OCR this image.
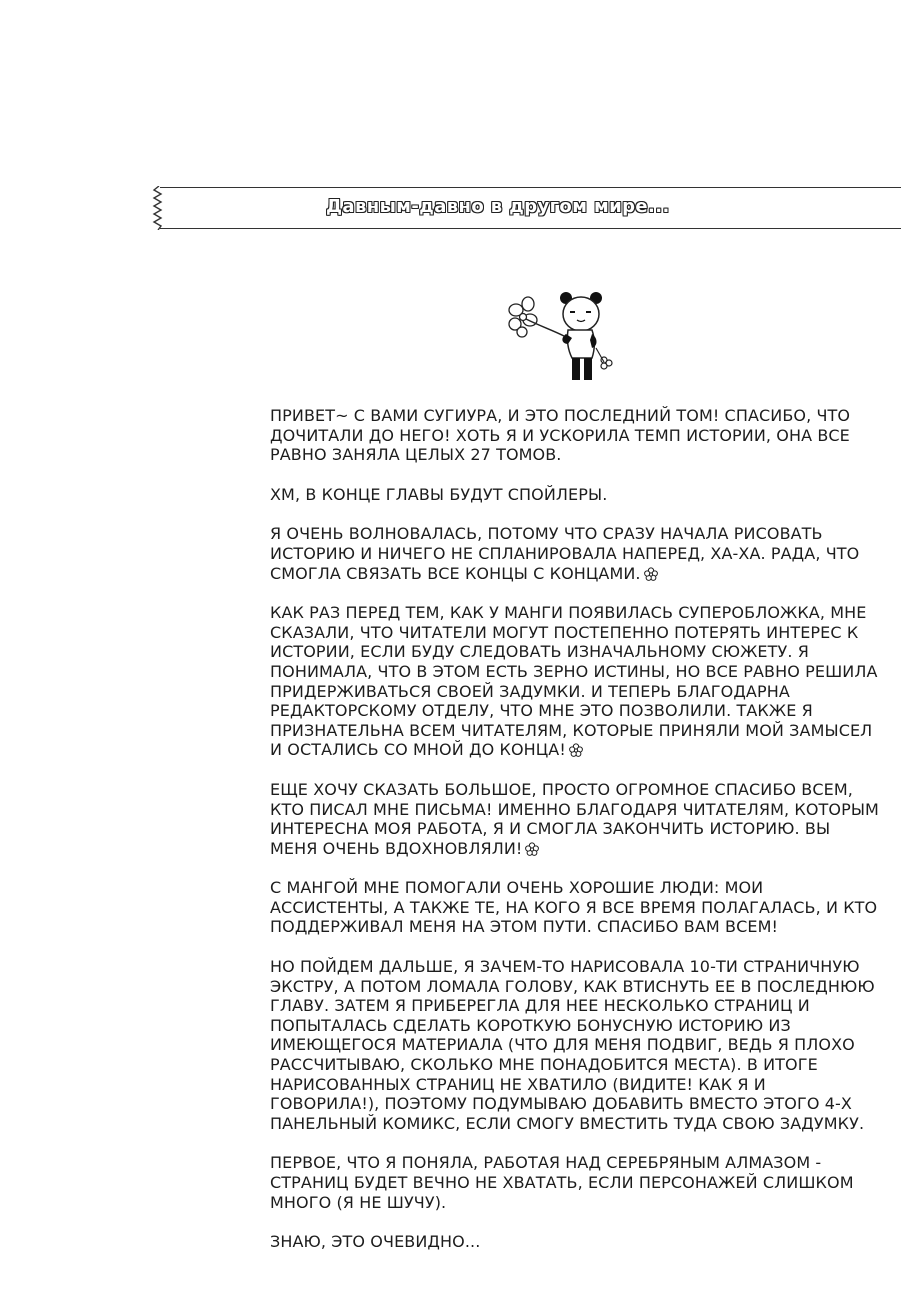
Давным-давно в другом мире...

ПРИВЕТ~ С ВАМИ СУГИУРА, И ЭТО ПОСЛЕДНИЙ ТОМ! СПАСИБО, ЧТО ДОЧИТАЛИ ДО НЕГО! ХОТЬ Я И УСКОРИЛА ТЕМП ИСТОРИИ, ОНА ВСЕ РАВНО ЗАНЯЛА ЦЕЛЫХ 27 ТОМОВ.

ХМ, В КОНЦЕ ГЛАВЫ БУДУТ СПОЙЛЕРЫ.

Я ОЧЕНЬ ВОЛНОВАЛАСЬ, ПОТОМУ ЧТО СРАЗУ НАЧАЛА РИСОВАТЬ ИСТОРИЮ И НИЧЕГО НЕ СПЛАНИРОВАЛА НАПЕРЕД, ХА-ХА. РАДА, ЧТО СМОГЛА СВЯЗАТЬ ВСЕ КОНЦЫ С КОНЦАМИ.

КАК РАЗ ПЕРЕД ТЕМ, КАК У МАНГИ ПОЯВИЛАСЬ СУПЕРОБЛОЖКА, МНЕ СКАЗАЛИ, ЧТО ЧИТАТЕЛИ МОГУТ ПОСТЕПЕННО ПОТЕРЯТЬ ИНТЕРЕС К ИСТОРИИ, ЕСЛИ БУДУ СЛЕДОВАТЬ ИЗНАЧАЛЬНОМУ СЮЖЕТУ. Я ПОНИМАЛА, ЧТО В ЭТОМ ЕСТЬ ЗЕРНО ИСТИНЫ, НО ВСЕ РАВНО РЕШИЛА ПРИДЕРЖИВАТЬСЯ СВОЕЙ ЗАДУМКИ. И ТЕПЕРЬ БЛАГОДАРНА РЕДАКТОРСКОМУ ОТДЕЛУ, ЧТО МНЕ ЭТО ПОЗВОЛИЛИ. ТАКЖЕ Я ПРИЗНАТЕЛЬНА ВСЕМ ЧИТАТЕЛЯМ, КОТОРЫЕ ПРИНЯЛИ МОЙ ЗАМЫСЕЛ И ОСТАЛИСЬ СО МНОЙ ДО КОНЦА!

ЕЩЕ ХОЧУ СКАЗАТЬ БОЛЬШОЕ, ПРОСТО ОГРОМНОЕ СПАСИБО ВСЕМ, КТО ПИСАЛ МНЕ ПИСЬМА! ИМЕННО БЛАГОДАРЯ ЧИТАТЕЛЯМ, КОТОРЫМ ИНТЕРЕСНА МОЯ РАБОТА, Я И СМОГЛА ЗАКОНЧИТЬ ИСТОРИЮ. ВЫ МЕНЯ ОЧЕНЬ ВДОХНОВЛЯЛИ!

С МАНГОЙ МНЕ ПОМОГАЛИ ОЧЕНЬ ХОРОШИЕ ЛЮДИ: МОИ АССИСТЕНТЫ, А ТАКЖЕ ТЕ, НА КОГО Я ВСЕ ВРЕМЯ ПОЛАГАЛАСЬ, И КТО ПОДДЕРЖИВАЛ МЕНЯ НА ЭТОМ ПУТИ. СПАСИБО ВАМ ВСЕМ!

НО ПОЙДЕМ ДАЛЬШЕ, Я ЗАЧЕМ-ТО НАРИСОВАЛА 10-ТИ СТРАНИЧНУЮ ЭКСТРУ, А ПОТОМ ЛОМАЛА ГОЛОВУ, КАК ВТИСНУТЬ ЕЕ В ПОСЛЕДНЮЮ ГЛАВУ. ЗАТЕМ Я ПРИБЕРЕГЛА ДЛЯ НЕЕ НЕСКОЛЬКО СТРАНИЦ И ПОПЫТАЛАСЬ СДЕЛАТЬ КОРОТКУЮ БОНУСНУЮ ИСТОРИЮ ИЗ ИМЕЮЩЕГОСЯ МАТЕРИАЛА (ЧТО ДЛЯ МЕНЯ ПОДВИГ, ВЕДЬ Я ПЛОХО РАССЧИТЫВАЮ, СКОЛЬКО МНЕ ПОНАДОБИТСЯ МЕСТА). В ИТОГЕ НАРИСОВАННЫХ СТРАНИЦ НЕ ХВАТИЛО (ВИДИТЕ! КАК Я И ГОВОРИЛА!), ПОЭТОМУ ПОДУМЫВАЮ ДОБАВИТЬ ВМЕСТО ЭТОГО 4-Х ПАНЕЛЬНЫЙ КОМИКС, ЕСЛИ СМОГУ ВМЕСТИТЬ ТУДА СВОЮ ЗАДУМКУ.

ПЕРВОЕ, ЧТО Я ПОНЯЛА, РАБОТАЯ НАД СЕРЕБРЯНЫМ АЛМАЗОМ - СТРАНИЦ БУДЕТ ВЕЧНО НЕ ХВАТАТЬ, ЕСЛИ ПЕРСОНАЖЕЙ СЛИШКОМ МНОГО (Я НЕ ШУЧУ).

ЗНАЮ, ЭТО ОЧЕВИДНО...
